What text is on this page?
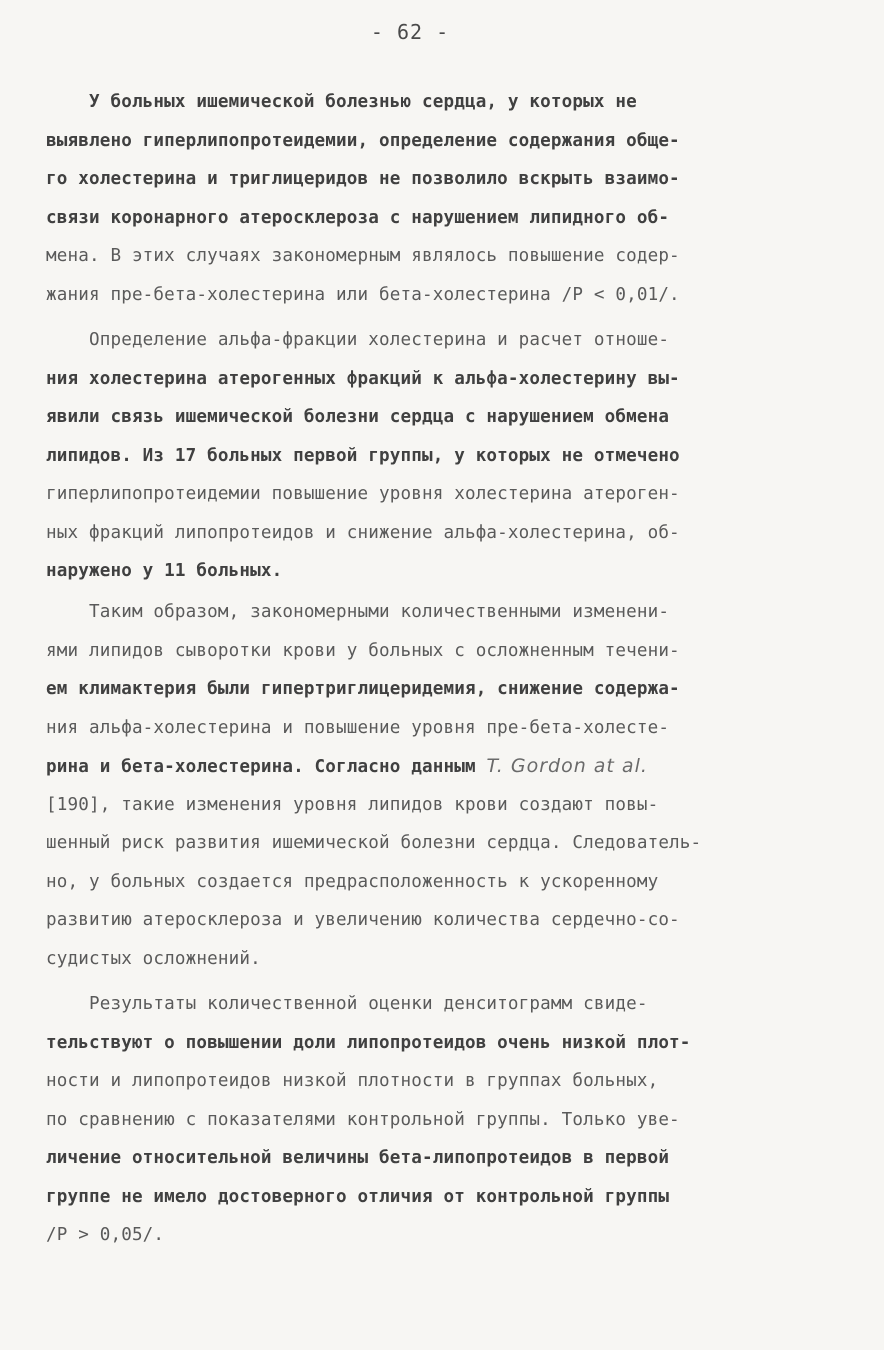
- 62 -
У больных ишемической болезнью сердца, у которых не
выявлено гиперлипопротеидемии, определение содержания обще-
го холестерина и триглицеридов не позволило вскрыть взаимо-
связи коронарного атеросклероза с нарушением липидного об-
мена. В этих случаях закономерным являлось повышение содер-
жания пре-бета-холестерина или бета-холестерина /Р < 0,01/.
Определение альфа-фракции холестерина и расчет отноше-
ния холестерина атерогенных фракций к альфа-холестерину вы-
явили связь ишемической болезни сердца с нарушением обмена
липидов. Из 17 больных первой группы, у которых не отмечено
гиперлипопротеидемии повышение уровня холестерина атероген-
ных фракций липопротеидов и снижение альфа-холестерина, об-
наружено у 11 больных.
Таким образом, закономерными количественными изменени-
ями липидов сыворотки крови у больных с осложненным течени-
ем климактерия были гипертриглицеридемия, снижение содержа-
ния альфа-холестерина и повышение уровня пре-бета-холесте-
рина и бета-холестерина. Согласно данным T. Gordon at al.
[190], такие изменения уровня липидов крови создают повы-
шенный риск развития ишемической болезни сердца. Следователь-
но, у больных создается предрасположенность к ускоренному
развитию атеросклероза и увеличению количества сердечно-со-
судистых осложнений.
Результаты количественной оценки денситограмм свиде-
тельствуют о повышении доли липопротеидов очень низкой плот-
ности и липопротеидов низкой плотности в группах больных,
по сравнению с показателями контрольной группы. Только уве-
личение относительной величины бета-липопротеидов в первой
группе не имело достоверного отличия от контрольной группы
/Р > 0,05/.
